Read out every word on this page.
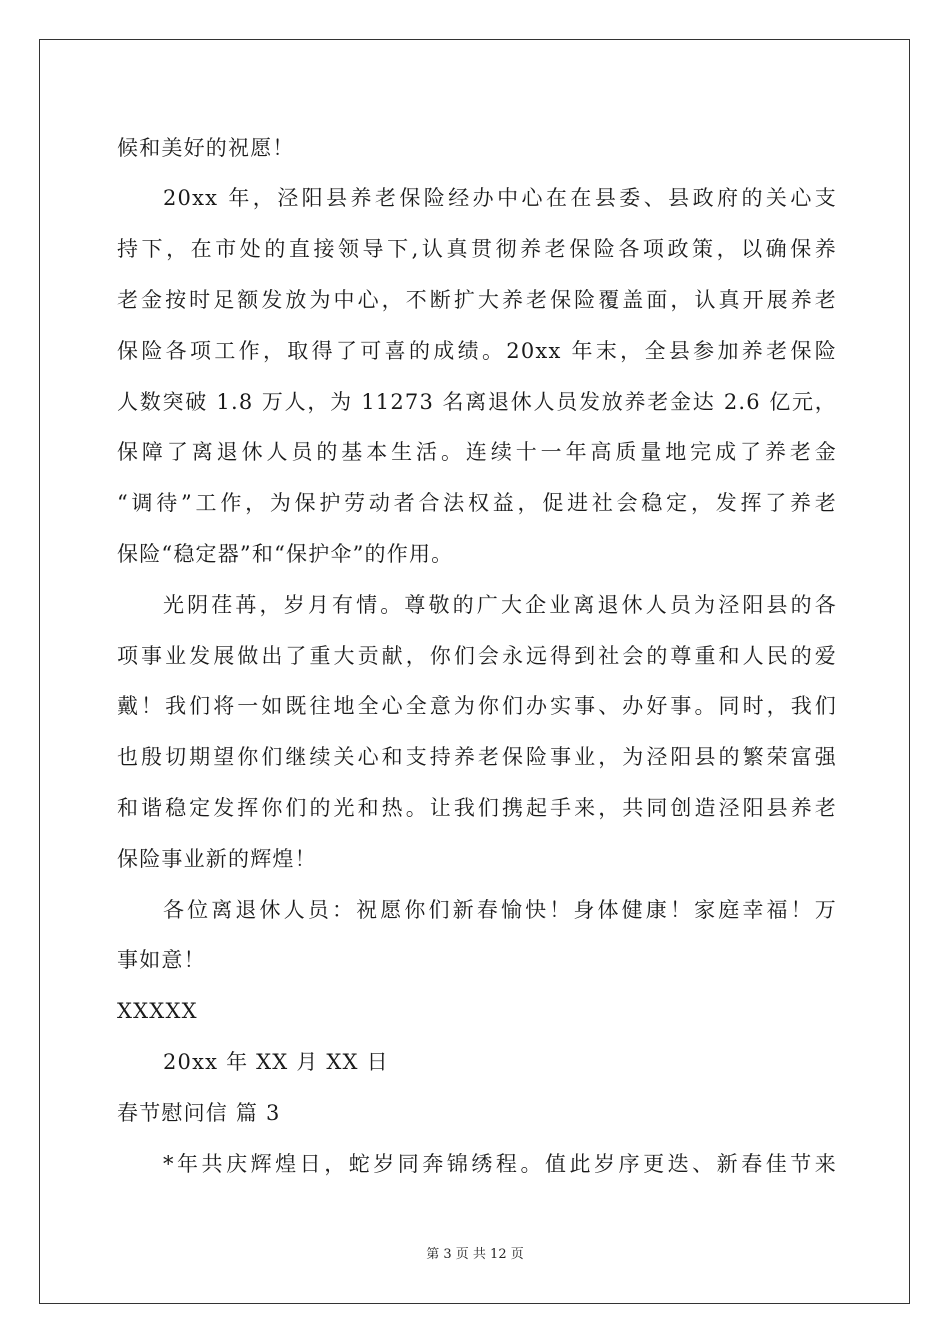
候和美好的祝愿！
20xx 年，泾阳县养老保险经办中心在在县委、县政府的关心支
持下，在市处的直接领导下,认真贯彻养老保险各项政策，以确保养
老金按时足额发放为中心，不断扩大养老保险覆盖面，认真开展养老
保险各项工作，取得了可喜的成绩。20xx 年末，全县参加养老保险
人数突破 1.8 万人，为 11273 名离退休人员发放养老金达 2.6 亿元，
保障了离退休人员的基本生活。连续十一年高质量地完成了养老金
“调待”工作，为保护劳动者合法权益，促进社会稳定，发挥了养老
保险“稳定器”和“保护伞”的作用。
光阴荏苒，岁月有情。尊敬的广大企业离退休人员为泾阳县的各
项事业发展做出了重大贡献，你们会永远得到社会的尊重和人民的爱
戴！我们将一如既往地全心全意为你们办实事、办好事。同时，我们
也殷切期望你们继续关心和支持养老保险事业，为泾阳县的繁荣富强
和谐稳定发挥你们的光和热。让我们携起手来，共同创造泾阳县养老
保险事业新的辉煌！
各位离退休人员：祝愿你们新春愉快！身体健康！家庭幸福！万
事如意！
XXXXX
20xx 年 XX 月 XX 日
春节慰问信 篇 3
*年共庆辉煌日，蛇岁同奔锦绣程。值此岁序更迭、新春佳节来
第 3 页 共 12 页
